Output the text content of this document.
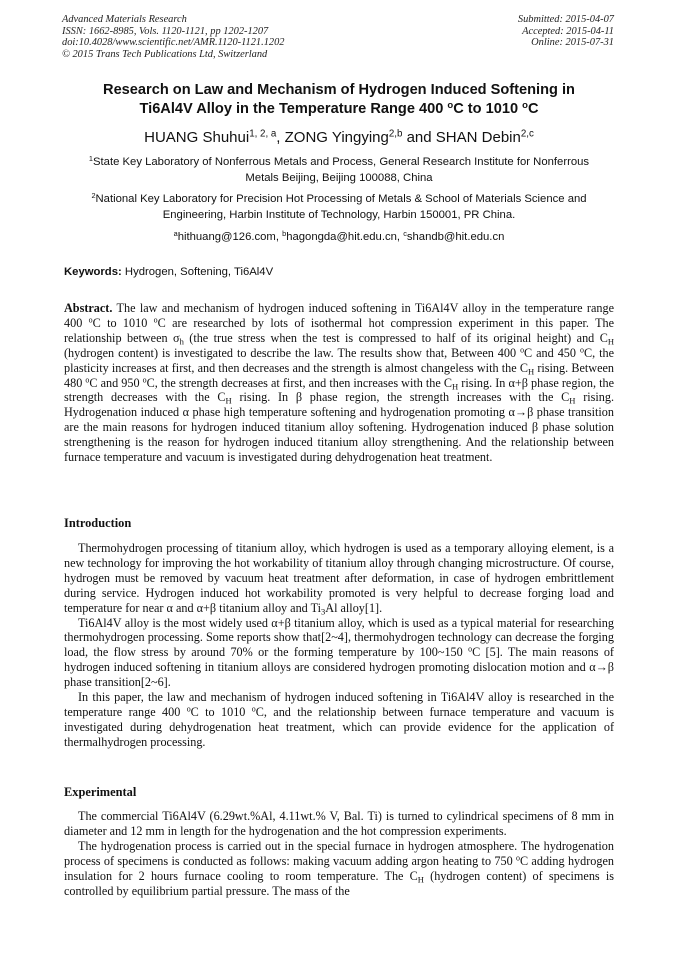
Advanced Materials Research
ISSN: 1662-8985, Vols. 1120-1121, pp 1202-1207
doi:10.4028/www.scientific.net/AMR.1120-1121.1202
© 2015 Trans Tech Publications Ltd, Switzerland
Submitted: 2015-04-07
Accepted: 2015-04-11
Online: 2015-07-31
Research on Law and Mechanism of Hydrogen Induced Softening in
Ti6Al4V Alloy in the Temperature Range 400 $^o$C to 1010 $^o$C
HUANG Shuhui$^{1, 2, a}$, ZONG Yingying$^{2,b}$ and SHAN Debin$^{2,c}$
$^1$State Key Laboratory of Nonferrous Metals and Process, General Research Institute for Nonferrous
Metals Beijing, Beijing 100088, China
$^2$National Key Laboratory for Precision Hot Processing of Metals & School of Materials Science and
Engineering, Harbin Institute of Technology, Harbin 150001, PR China.
$^a$hithuang@126.com, $^b$hagongda@hit.edu.cn, $^c$shandb@hit.edu.cn
Keywords: Hydrogen, Softening, Ti6Al4V
Abstract. The law and mechanism of hydrogen induced softening in Ti6Al4V alloy in the temperature range 400 $^o$C to 1010 $^o$C are researched by lots of isothermal hot compression experiment in this paper. The relationship between $\sigma_h$ (the true stress when the test is compressed to half of its original height) and $C_H$ (hydrogen content) is investigated to describe the law. The results show that, Between 400 $^o$C and 450 $^o$C, the plasticity increases at first, and then decreases and the strength is almost changeless with the $C_H$ rising. Between 480 $^o$C and 950 $^o$C, the strength decreases at first, and then increases with the $C_H$ rising. In α+β phase region, the strength decreases with the $C_H$ rising. In β phase region, the strength increases with the $C_H$ rising. Hydrogenation induced α phase high temperature softening and hydrogenation promoting α→β phase transition are the main reasons for hydrogen induced titanium alloy softening. Hydrogenation induced β phase solution strengthening is the reason for hydrogen induced titanium alloy strengthening. And the relationship between furnace temperature and vacuum is investigated during dehydrogenation heat treatment.
Introduction

Thermohydrogen processing of titanium alloy, which hydrogen is used as a temporary alloying element, is a new technology for improving the hot workability of titanium alloy through changing microstructure. Of course, hydrogen must be removed by vacuum heat treatment after deformation, in case of hydrogen embrittlement during service. Hydrogen induced hot workability promoted is very helpful to decrease forging load and temperature for near α and α+β titanium alloy and $Ti_3Al$ alloy[1].

Ti6Al4V alloy is the most widely used α+β titanium alloy, which is used as a typical material for researching thermohydrogen processing. Some reports show that[2~4], thermohydrogen technology can decrease the forging load, the flow stress by around 70% or the forming temperature by 100~150 $^o$C [5]. The main reasons of hydrogen induced softening in titanium alloys are considered hydrogen promoting dislocation motion and α→β phase transition[2~6].

In this paper, the law and mechanism of hydrogen induced softening in Ti6Al4V alloy is researched in the temperature range 400 $^o$C to 1010 $^o$C, and the relationship between furnace temperature and vacuum is investigated during dehydrogenation heat treatment, which can provide evidence for the application of thermalhydrogen processing.

Experimental

The commercial Ti6Al4V (6.29wt.%Al, 4.11wt.% V, Bal. Ti) is turned to cylindrical specimens of 8 mm in diameter and 12 mm in length for the hydrogenation and the hot compression experiments.

The hydrogenation process is carried out in the special furnace in hydrogen atmosphere. The hydrogenation process of specimens is conducted as follows: making vacuum adding argon heating to 750 $^o$C adding hydrogen insulation for 2 hours furnace cooling to room temperature. The $C_H$ (hydrogen content) of specimens is controlled by equilibrium partial pressure. The mass of the
